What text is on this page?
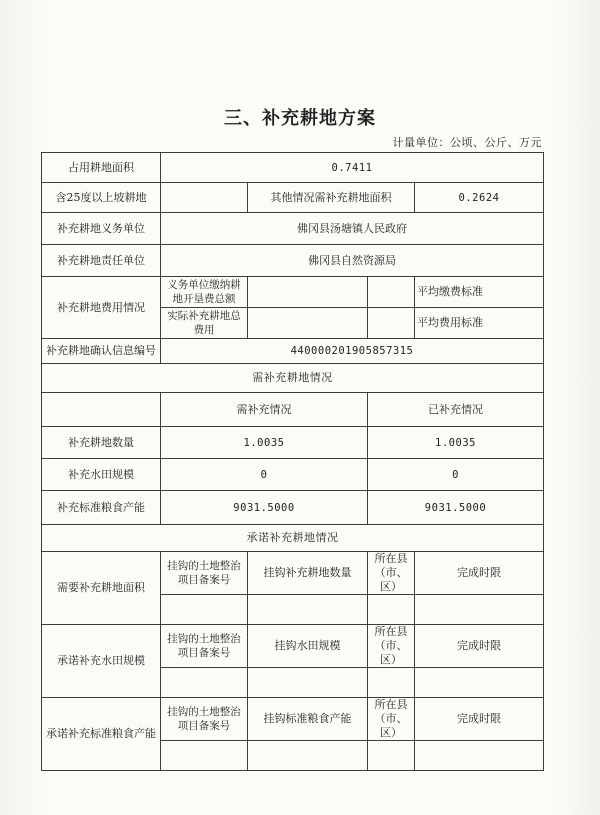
三、补充耕地方案
计量单位：公顷、公斤、万元
占用耕地面积	0.7411			
含25度以上坡耕地		其他情况需补充耕地面积		0.2624
补充耕地义务单位	佛冈县汤塘镇人民政府			
补充耕地责任单位	佛冈县自然资源局			
补充耕地费用情况	义务单位缴纳耕地开垦费总额			平均缴费标准
	实际补充耕地总费用			平均费用标准
补充耕地确认信息编号	440000201905857315			
需补充耕地情况				
	需补充情况		已补充情况	
补充耕地数量	1.0035		1.0035	
补充水田规模	0		0	
补充标准粮食产能	9031.5000		9031.5000	
承诺补充耕地情况				
需要补充耕地面积	挂钩的土地整治项目备案号	挂钩补充耕地数量	所在县（市、区）	完成时限

承诺补充水田规模	挂钩的土地整治项目备案号	挂钩水田规模	所在县（市、区）	完成时限

承诺补充标准粮食产能	挂钩的土地整治项目备案号	挂钩标准粮食产能	所在县（市、区）	完成时限
